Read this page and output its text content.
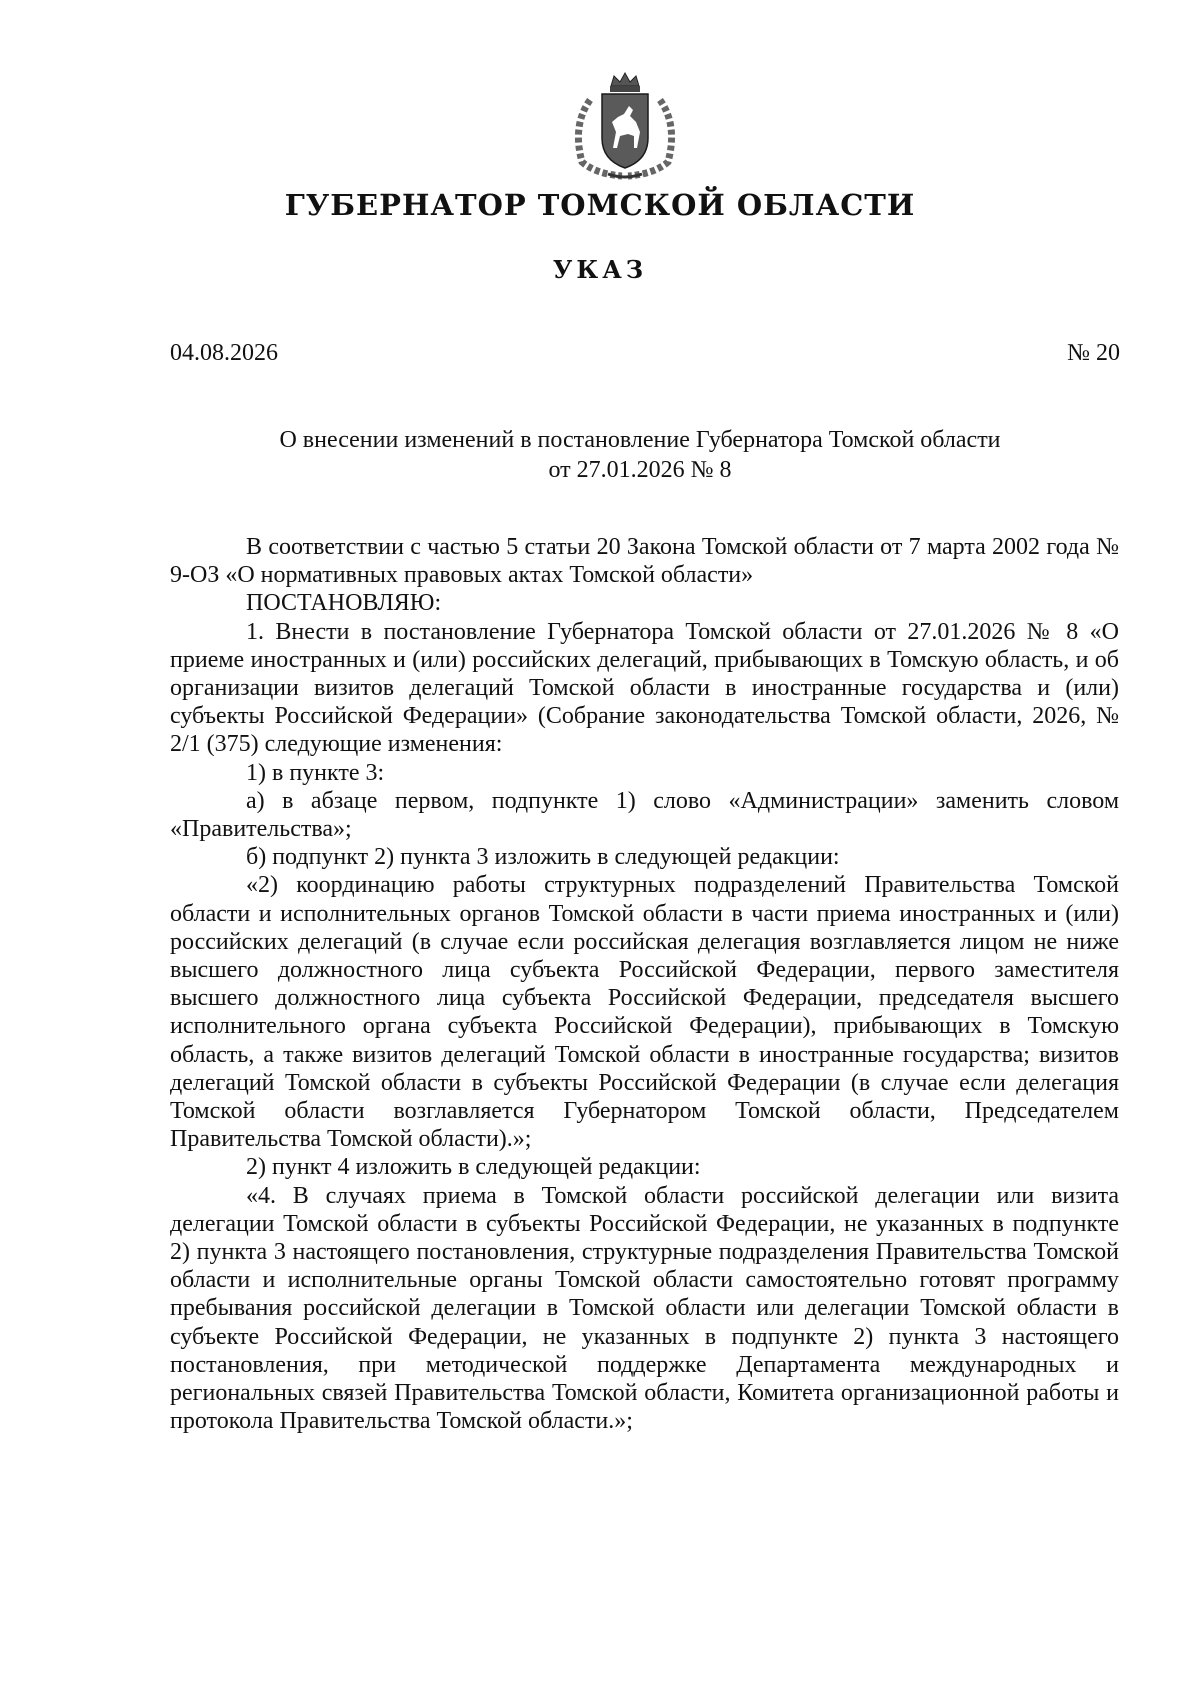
ГУБЕРНАТОР ТОМСКОЙ ОБЛАСТИ
УКАЗ
04.08.2026	№ 20
О внесении изменений в постановление Губернатора Томской области
от 27.01.2026 № 8

В соответствии с частью 5 статьи 20 Закона Томской области от 7 марта 2002 года № 9-ОЗ «О нормативных правовых актах Томской области»

ПОСТАНОВЛЯЮ:

1. Внести в постановление Губернатора Томской области от 27.01.2026 № 8 «О приеме иностранных и (или) российских делегаций, прибывающих в Томскую область, и об организации визитов делегаций Томской области в иностранные государства и (или) субъекты Российской Федерации» (Собрание законодательства Томской области, 2026, № 2/1 (375) следующие изменения:

1) в пункте 3:

а) в абзаце первом, подпункте 1) слово «Администрации» заменить словом «Правительства»;

б) подпункт 2) пункта 3 изложить в следующей редакции:

«2) координацию работы структурных подразделений Правительства Томской области и исполнительных органов Томской области в части приема иностранных и (или) российских делегаций (в случае если российская делегация возглавляется лицом не ниже высшего должностного лица субъекта Российской Федерации, первого заместителя высшего должностного лица субъекта Российской Федерации, председателя высшего исполнительного органа субъекта Российской Федерации), прибывающих в Томскую область, а также визитов делегаций Томской области в иностранные государства; визитов делегаций Томской области в субъекты Российской Федерации (в случае если делегация Томской области возглавляется Губернатором Томской области, Председателем Правительства Томской области).»;

2) пункт 4 изложить в следующей редакции:

«4. В случаях приема в Томской области российской делегации или визита делегации Томской области в субъекты Российской Федерации, не указанных в подпункте 2) пункта 3 настоящего постановления, структурные подразделения Правительства Томской области и исполнительные органы Томской области самостоятельно готовят программу пребывания российской делегации в Томской области или делегации Томской области в субъекте Российской Федерации, не указанных в подпункте 2) пункта 3 настоящего постановления, при методической поддержке Департамента международных и региональных связей Правительства Томской области, Комитета организационной работы и протокола Правительства Томской области.»;
